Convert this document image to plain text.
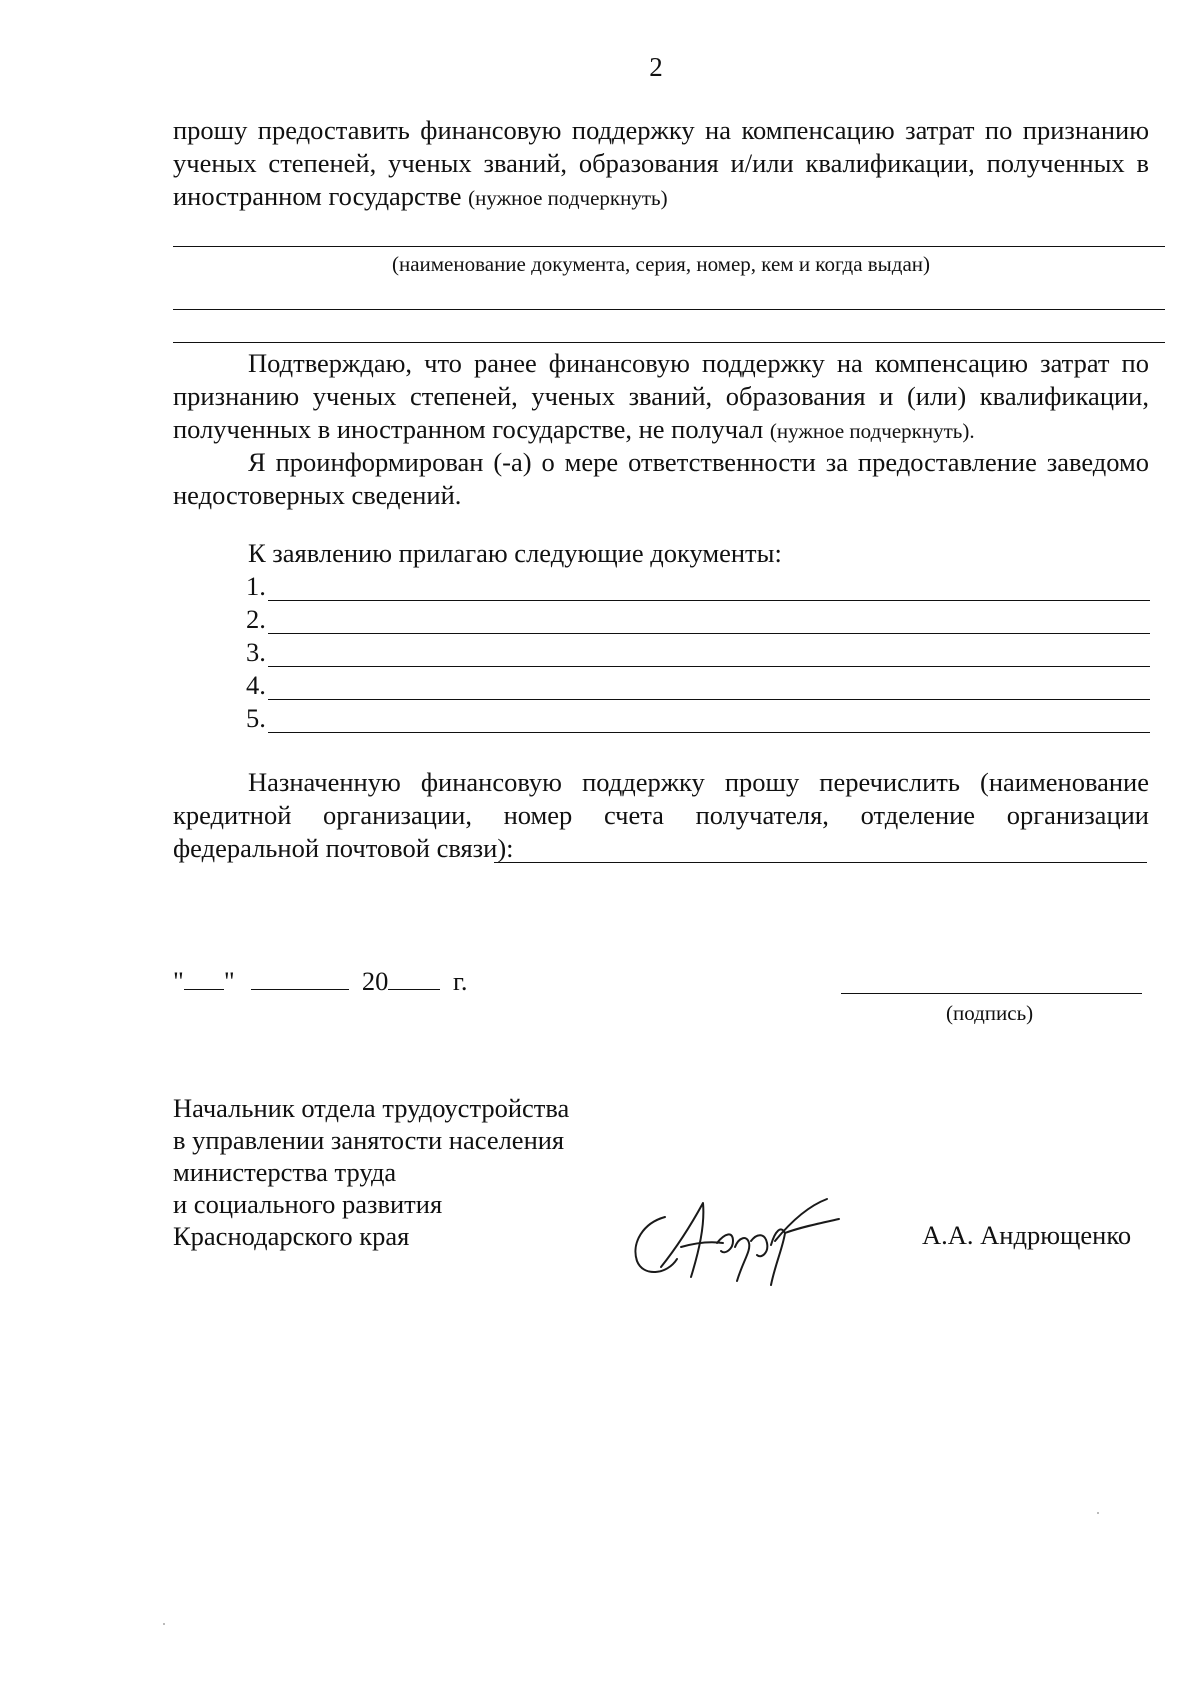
2
прошу предоставить финансовую поддержку на компенсацию затрат по признанию ученых степеней, ученых званий, образования и/или квалификации, полученных в иностранном государстве (нужное подчеркнуть)
(наименование документа, серия, номер, кем и когда выдан)
Подтверждаю, что ранее финансовую поддержку на компенсацию затрат по признанию ученых степеней, ученых званий, образования и (или) квалификации, полученных в иностранном государстве, не получал (нужное подчеркнуть).
Я проинформирован (-а) о мере ответственности за предоставление заведомо недостоверных сведений.
К заявлению прилагаю следующие документы:
1.
2.
3.
4.
5.
Назначенную финансовую поддержку прошу перечислить (наименование кредитной организации, номер счета получателя, отделение организации федеральной почтовой связи):
" "	20 г.
(подпись)
Начальник отдела трудоустройства
в управлении занятости населения
министерства труда
и социального развития
Краснодарского края	А.А. Андрющенко
